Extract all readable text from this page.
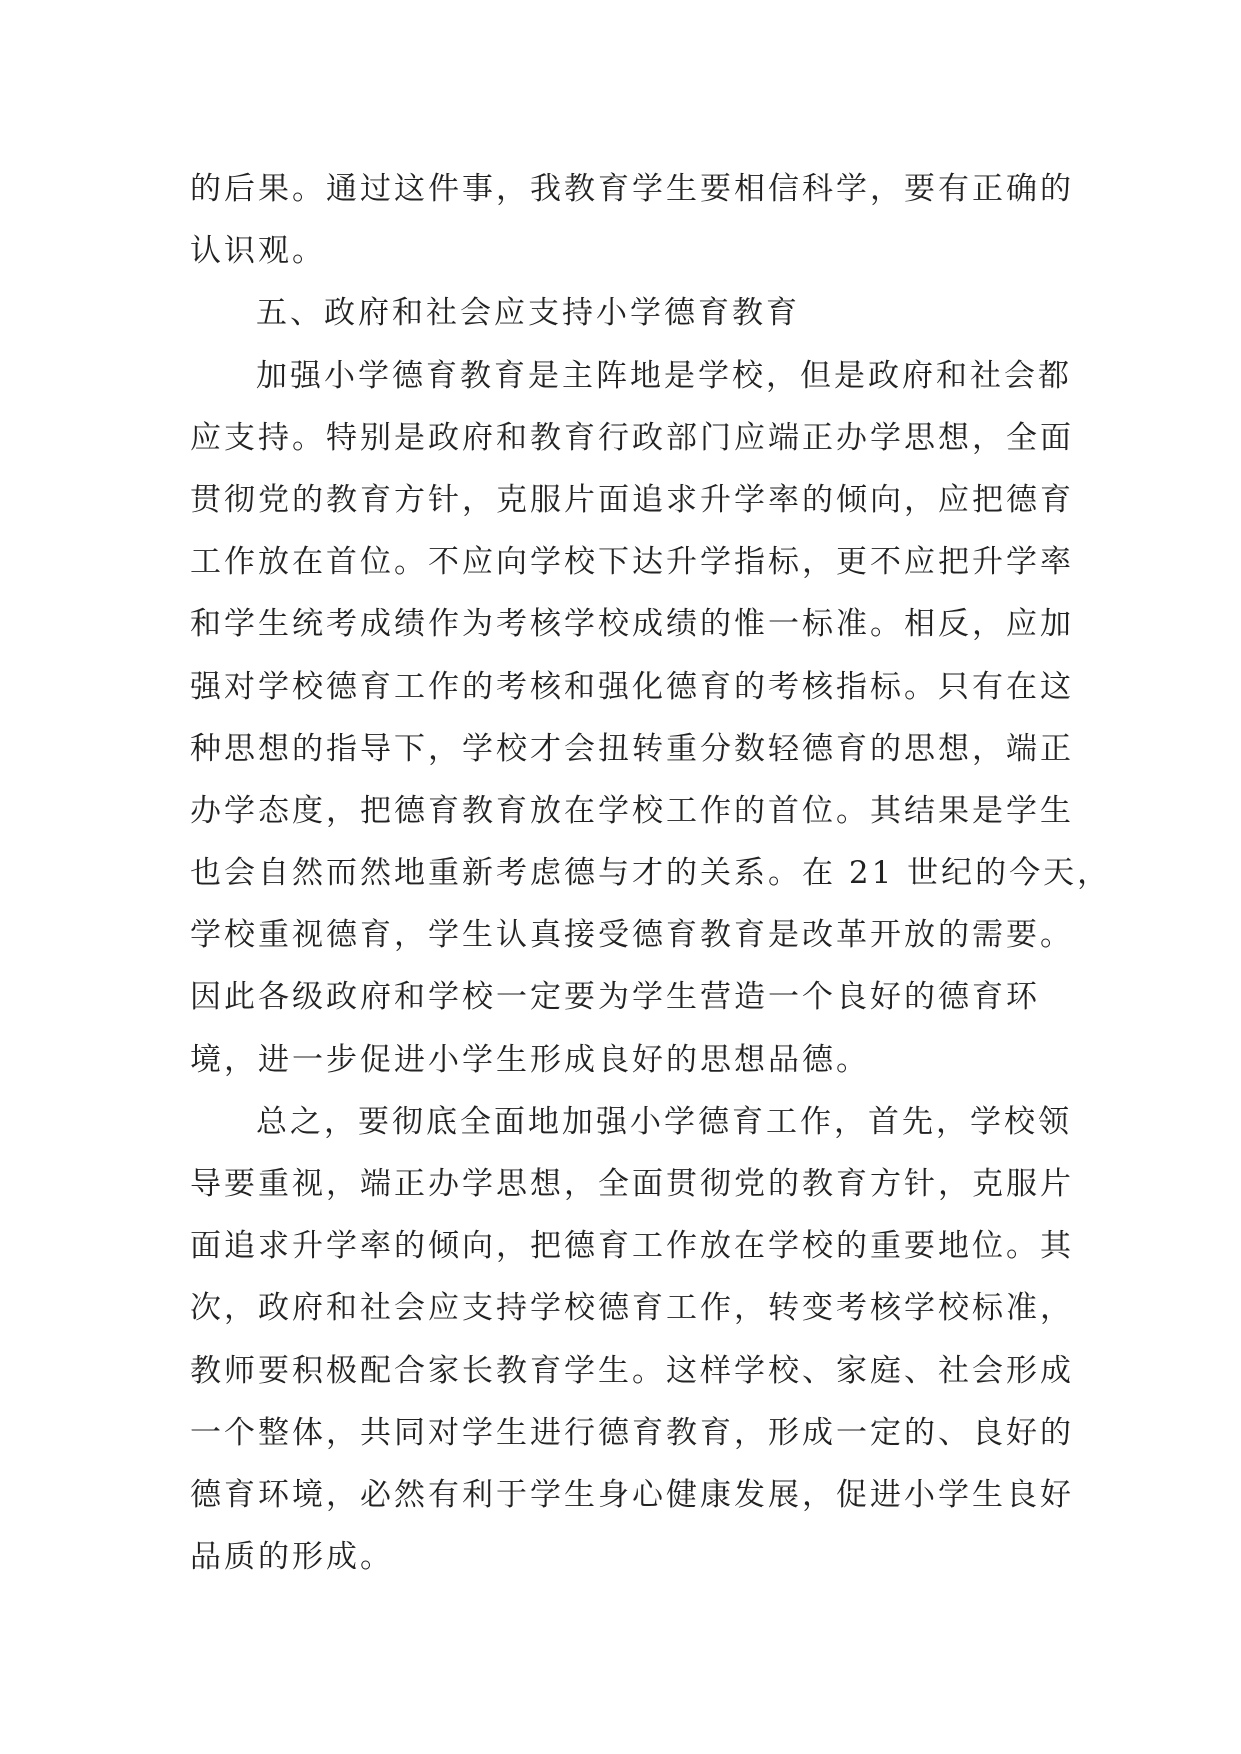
的后果。通过这件事，我教育学生要相信科学，要有正确的
认识观。
五、政府和社会应支持小学德育教育
加强小学德育教育是主阵地是学校，但是政府和社会都
应支持。特别是政府和教育行政部门应端正办学思想，全面
贯彻党的教育方针，克服片面追求升学率的倾向，应把德育
工作放在首位。不应向学校下达升学指标，更不应把升学率
和学生统考成绩作为考核学校成绩的惟一标准。相反，应加
强对学校德育工作的考核和强化德育的考核指标。只有在这
种思想的指导下，学校才会扭转重分数轻德育的思想，端正
办学态度，把德育教育放在学校工作的首位。其结果是学生
也会自然而然地重新考虑德与才的关系。在 21 世纪的今天，
学校重视德育，学生认真接受德育教育是改革开放的需要。
因此各级政府和学校一定要为学生营造一个良好的德育环
境，进一步促进小学生形成良好的思想品德。
总之，要彻底全面地加强小学德育工作，首先，学校领
导要重视，端正办学思想，全面贯彻党的教育方针，克服片
面追求升学率的倾向，把德育工作放在学校的重要地位。其
次，政府和社会应支持学校德育工作，转变考核学校标准，
教师要积极配合家长教育学生。这样学校、家庭、社会形成
一个整体，共同对学生进行德育教育，形成一定的、良好的
德育环境，必然有利于学生身心健康发展，促进小学生良好
品质的形成。
